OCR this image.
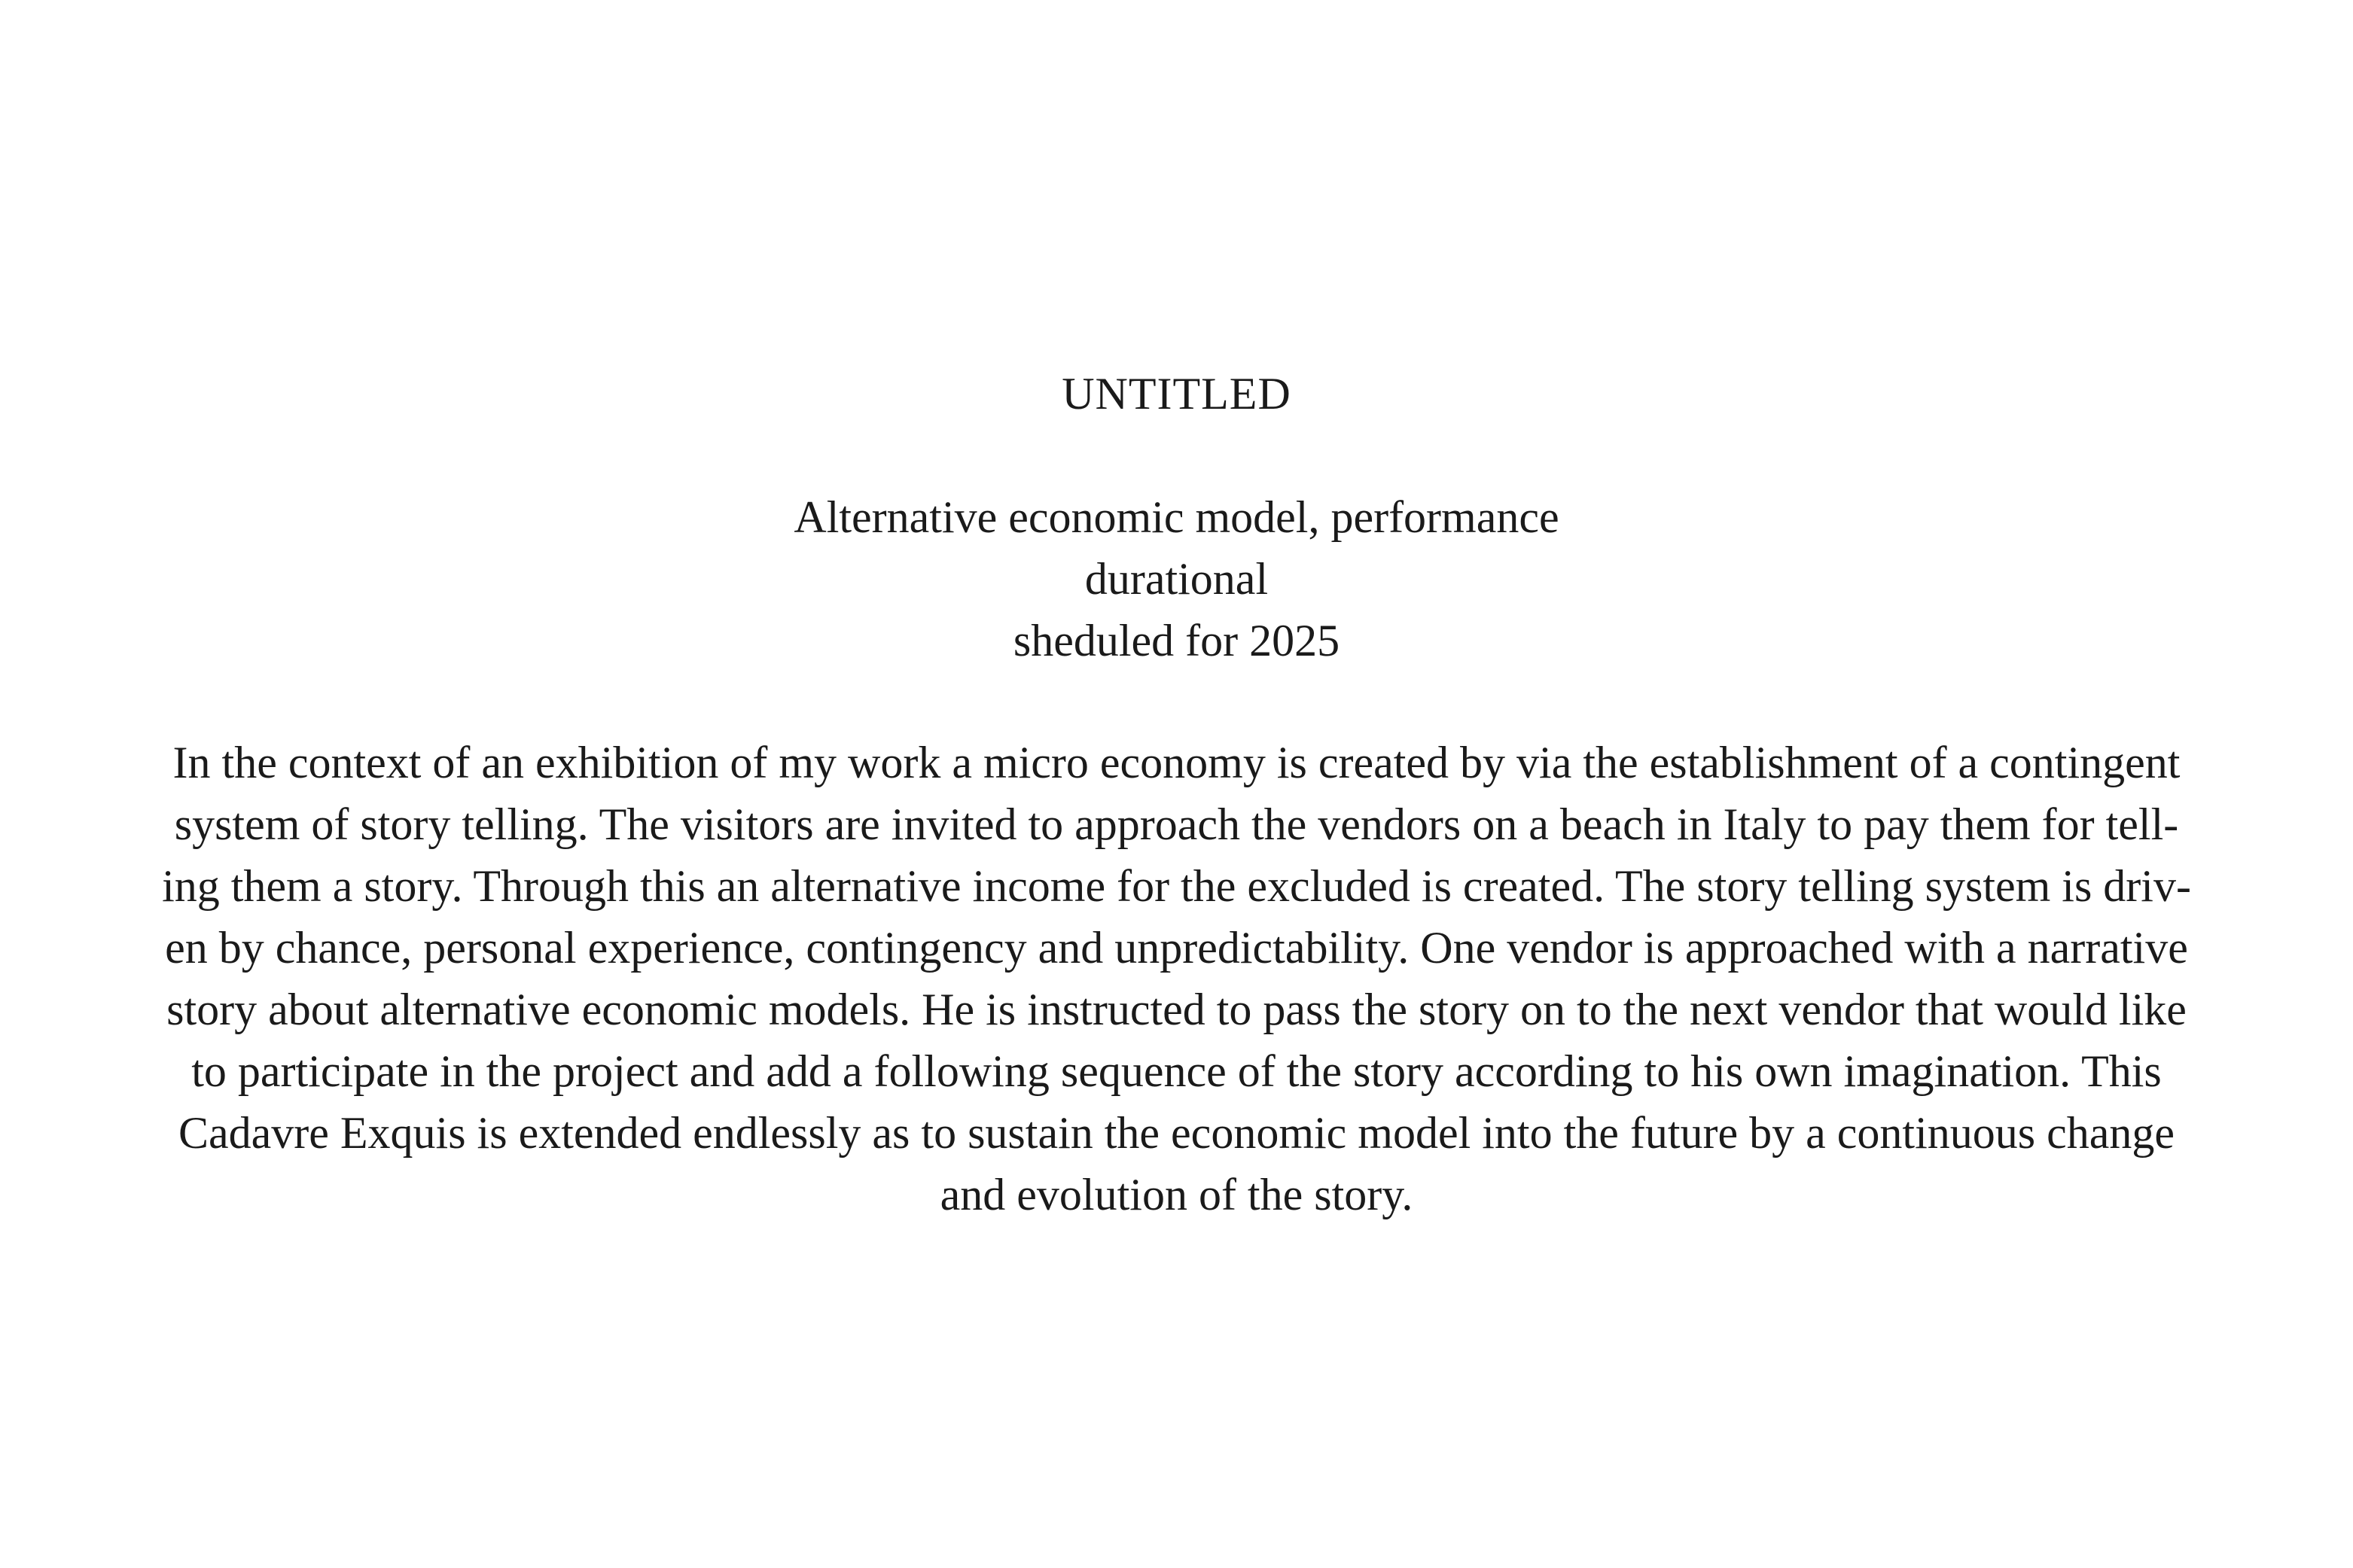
UNTITLED
Alternative economic model, performance
durational
sheduled for 2025
In the context of an exhibition of my work a micro economy is created by via the establishment of a contingent
system of story telling. The visitors are invited to approach the vendors on a beach in Italy to pay them for tell-
ing them a story. Through this an alternative income for the excluded is created. The story telling system is driv-
en by chance, personal experience, contingency and unpredictability. One vendor is approached with a narrative
story about alternative economic models. He is instructed to pass the story on to the next vendor that would like
to participate in the project and add a following sequence of the story according to his own imagination. This
Cadavre Exquis is extended endlessly as to sustain the economic model into the future by a continuous change
and evolution of the story.
